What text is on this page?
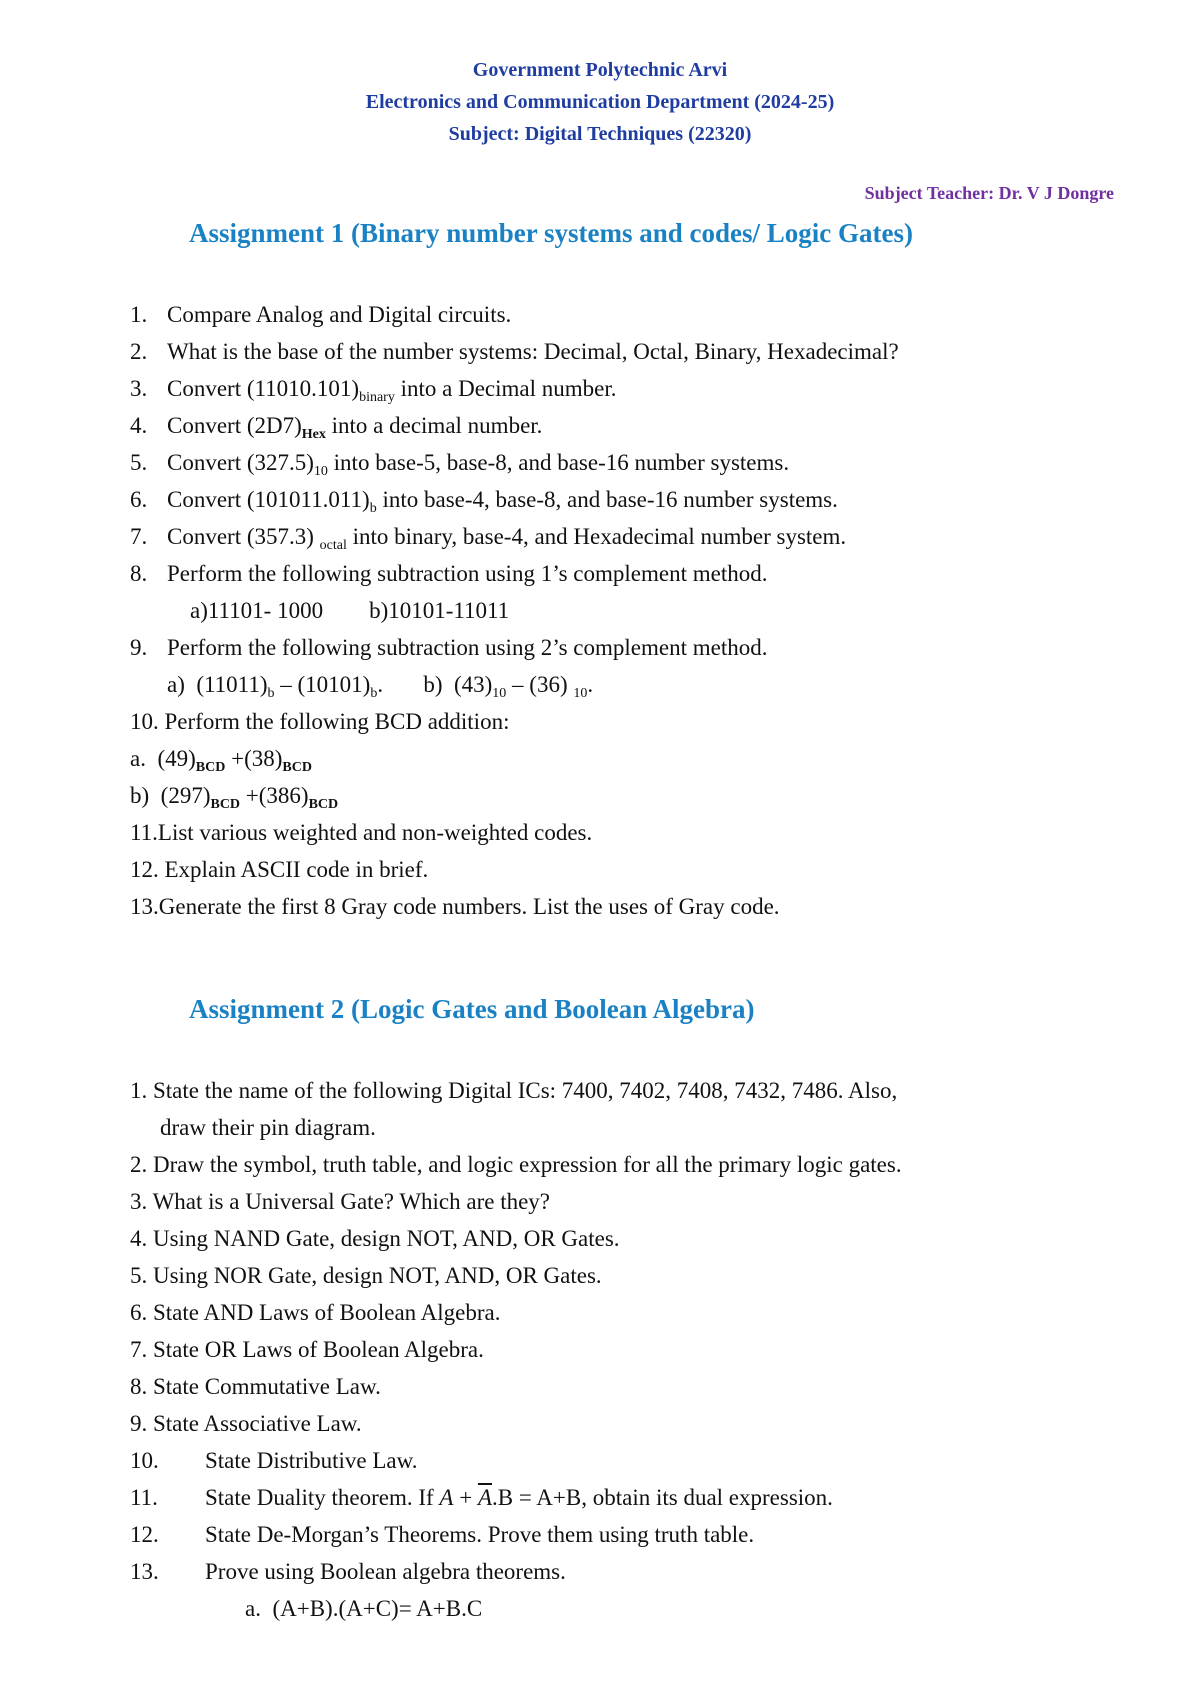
Government Polytechnic Arvi
Electronics and Communication Department (2024-25)
Subject: Digital Techniques (22320)
Subject Teacher: Dr. V J Dongre
Assignment 1 (Binary number systems and codes/ Logic Gates)
1. Compare Analog and Digital circuits.
2. What is the base of the number systems: Decimal, Octal, Binary, Hexadecimal?
3. Convert $(11010.101)_{binary}$ into a Decimal number.
4. Convert $(2D7)_{Hex}$ into a decimal number.
5. Convert $(327.5)_{10}$ into base-5, base-8, and base-16 number systems.
6. Convert $(101011.011)_b$ into base-4, base-8, and base-16 number systems.
7. Convert (357.3) $_{octal}$ into binary, base-4, and Hexadecimal number system.
8. Perform the following subtraction using 1’s complement method.
a)11101- 1000        b)10101-11011
9. Perform the following subtraction using 2’s complement method.
a)  $(11011)_b - (10101)_b$.       b)  $(43)_{10} - (36)$ $_{10}$.
10. Perform the following BCD addition:
a.  $(49)_{BCD} +(38)_{BCD}$
b)  $(297)_{BCD} +(386)_{BCD}$
11.List various weighted and non-weighted codes.
12. Explain ASCII code in brief.
13.Generate the first 8 Gray code numbers. List the uses of Gray code.
Assignment 2 (Logic Gates and Boolean Algebra)
1. State the name of the following Digital ICs: 7400, 7402, 7408, 7432, 7486. Also,
draw their pin diagram.
2. Draw the symbol, truth table, and logic expression for all the primary logic gates.
3. What is a Universal Gate? Which are they?
4. Using NAND Gate, design NOT, AND, OR Gates.
5. Using NOR Gate, design NOT, AND, OR Gates.
6. State AND Laws of Boolean Algebra.
7. State OR Laws of Boolean Algebra.
8. State Commutative Law.
9. State Associative Law.
10. State Distributive Law.
11. State Duality theorem. If $A + \overline{A}.B = A+B$, obtain its dual expression.
12. State De-Morgan’s Theorems. Prove them using truth table.
13. Prove using Boolean algebra theorems.
a.  (A+B).(A+C)= A+B.C
